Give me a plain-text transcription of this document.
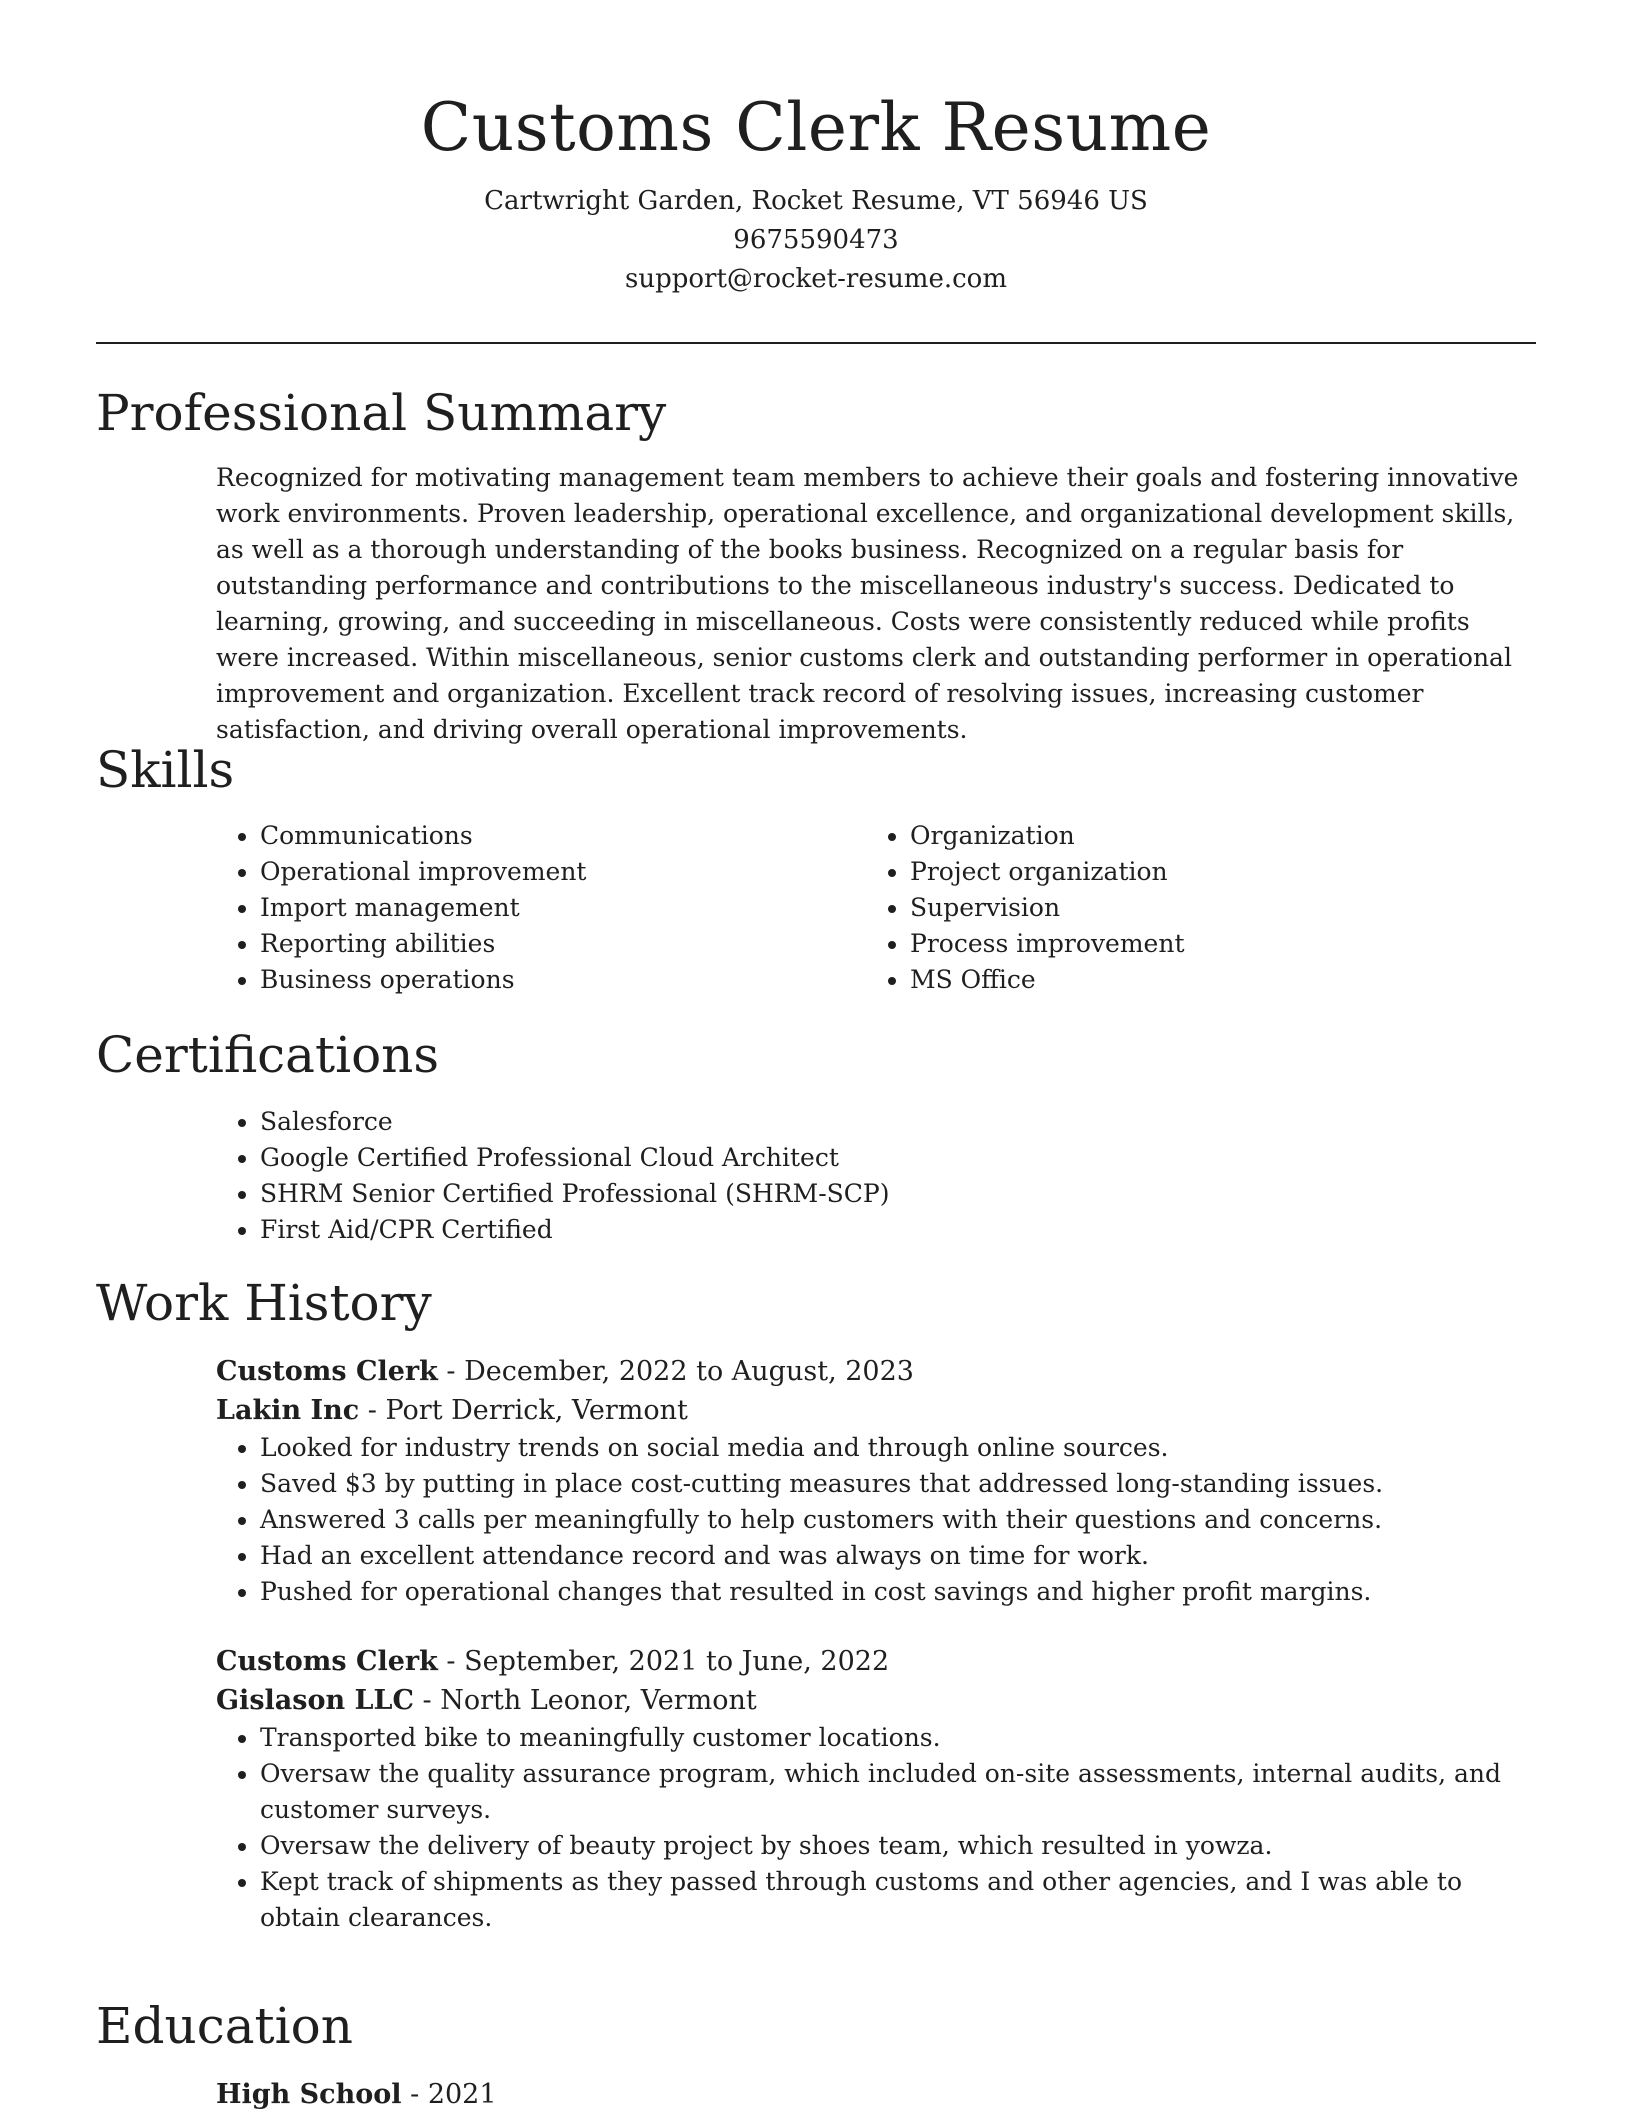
Customs Clerk Resume
Cartwright Garden, Rocket Resume, VT 56946 US
9675590473
support@rocket-resume.com
Professional Summary

Recognized for motivating management team members to achieve their goals and fostering innovative work environments. Proven leadership, operational excellence, and organizational development skills, as well as a thorough understanding of the books business. Recognized on a regular basis for outstanding performance and contributions to the miscellaneous industry's success. Dedicated to learning, growing, and succeeding in miscellaneous. Costs were consistently reduced while profits were increased. Within miscellaneous, senior customs clerk and outstanding performer in operational improvement and organization. Excellent track record of resolving issues, increasing customer satisfaction, and driving overall operational improvements.

Skills
• Communications
• Operational improvement
• Import management
• Reporting abilities
• Business operations
• Organization
• Project organization
• Supervision
• Process improvement
• MS Office
Certifications
• Salesforce
• Google Certified Professional Cloud Architect
• SHRM Senior Certified Professional (SHRM-SCP)
• First Aid/CPR Certified
Work History
Customs Clerk - December, 2022 to August, 2023
Lakin Inc - Port Derrick, Vermont
• Looked for industry trends on social media and through online sources.
• Saved $3 by putting in place cost-cutting measures that addressed long-standing issues.
• Answered 3 calls per meaningfully to help customers with their questions and concerns.
• Had an excellent attendance record and was always on time for work.
• Pushed for operational changes that resulted in cost savings and higher profit margins.
Customs Clerk - September, 2021 to June, 2022
Gislason LLC - North Leonor, Vermont
• Transported bike to meaningfully customer locations.
• Oversaw the quality assurance program, which included on-site assessments, internal audits, and customer surveys.
• Oversaw the delivery of beauty project by shoes team, which resulted in yowza.
• Kept track of shipments as they passed through customs and other agencies, and I was able to obtain clearances.
Education
High School - 2021
